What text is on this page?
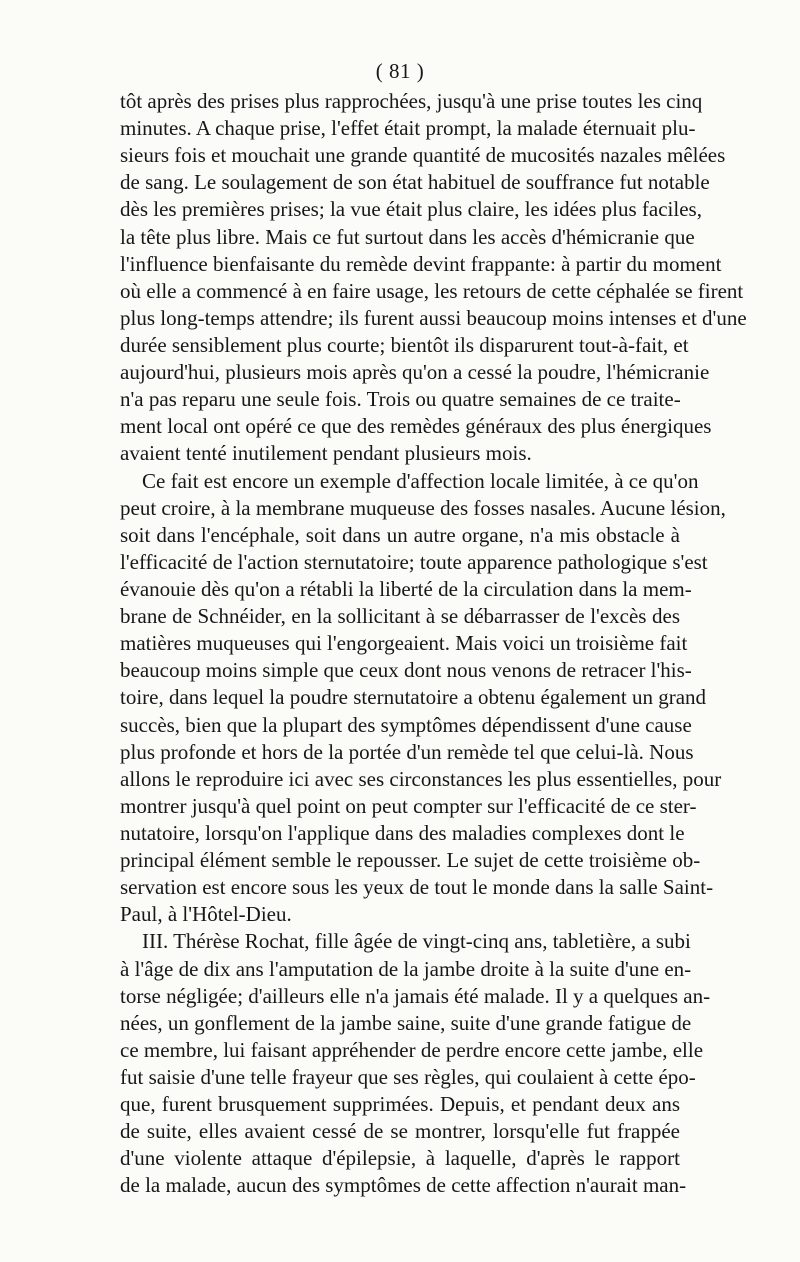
( 81 )
tôt après des prises plus rapprochées, jusqu'à une prise toutes les cinq
minutes. A chaque prise, l'effet était prompt, la malade éternuait plu-
sieurs fois et mouchait une grande quantité de mucosités nazales mêlées
de sang. Le soulagement de son état habituel de souffrance fut notable
dès les premières prises; la vue était plus claire, les idées plus faciles,
la tête plus libre. Mais ce fut surtout dans les accès d'hémicranie que
l'influence bienfaisante du remède devint frappante: à partir du moment
où elle a commencé à en faire usage, les retours de cette céphalée se firent
plus long-temps attendre; ils furent aussi beaucoup moins intenses et d'une
durée sensiblement plus courte; bientôt ils disparurent tout-à-fait, et
aujourd'hui, plusieurs mois après qu'on a cessé la poudre, l'hémicranie
n'a pas reparu une seule fois. Trois ou quatre semaines de ce traite-
ment local ont opéré ce que des remèdes généraux des plus énergiques
avaient tenté inutilement pendant plusieurs mois.
Ce fait est encore un exemple d'affection locale limitée, à ce qu'on
peut croire, à la membrane muqueuse des fosses nasales. Aucune lésion,
soit dans l'encéphale, soit dans un autre organe, n'a mis obstacle à
l'efficacité de l'action sternutatoire; toute apparence pathologique s'est
évanouie dès qu'on a rétabli la liberté de la circulation dans la mem-
brane de Schnéider, en la sollicitant à se débarrasser de l'excès des
matières muqueuses qui l'engorgeaient. Mais voici un troisième fait
beaucoup moins simple que ceux dont nous venons de retracer l'his-
toire, dans lequel la poudre sternutatoire a obtenu également un grand
succès, bien que la plupart des symptômes dépendissent d'une cause
plus profonde et hors de la portée d'un remède tel que celui-là. Nous
allons le reproduire ici avec ses circonstances les plus essentielles, pour
montrer jusqu'à quel point on peut compter sur l'efficacité de ce ster-
nutatoire, lorsqu'on l'applique dans des maladies complexes dont le
principal élément semble le repousser. Le sujet de cette troisième ob-
servation est encore sous les yeux de tout le monde dans la salle Saint-
Paul, à l'Hôtel-Dieu.
III. Thérèse Rochat, fille âgée de vingt-cinq ans, tabletière, a subi
à l'âge de dix ans l'amputation de la jambe droite à la suite d'une en-
torse négligée; d'ailleurs elle n'a jamais été malade. Il y a quelques an-
nées, un gonflement de la jambe saine, suite d'une grande fatigue de
ce membre, lui faisant appréhender de perdre encore cette jambe, elle
fut saisie d'une telle frayeur que ses règles, qui coulaient à cette épo-
que, furent brusquement supprimées. Depuis, et pendant deux ans
de suite, elles avaient cessé de se montrer, lorsqu'elle fut frappée
d'une violente attaque d'épilepsie, à laquelle, d'après le rapport
de la malade, aucun des symptômes de cette affection n'aurait man-
